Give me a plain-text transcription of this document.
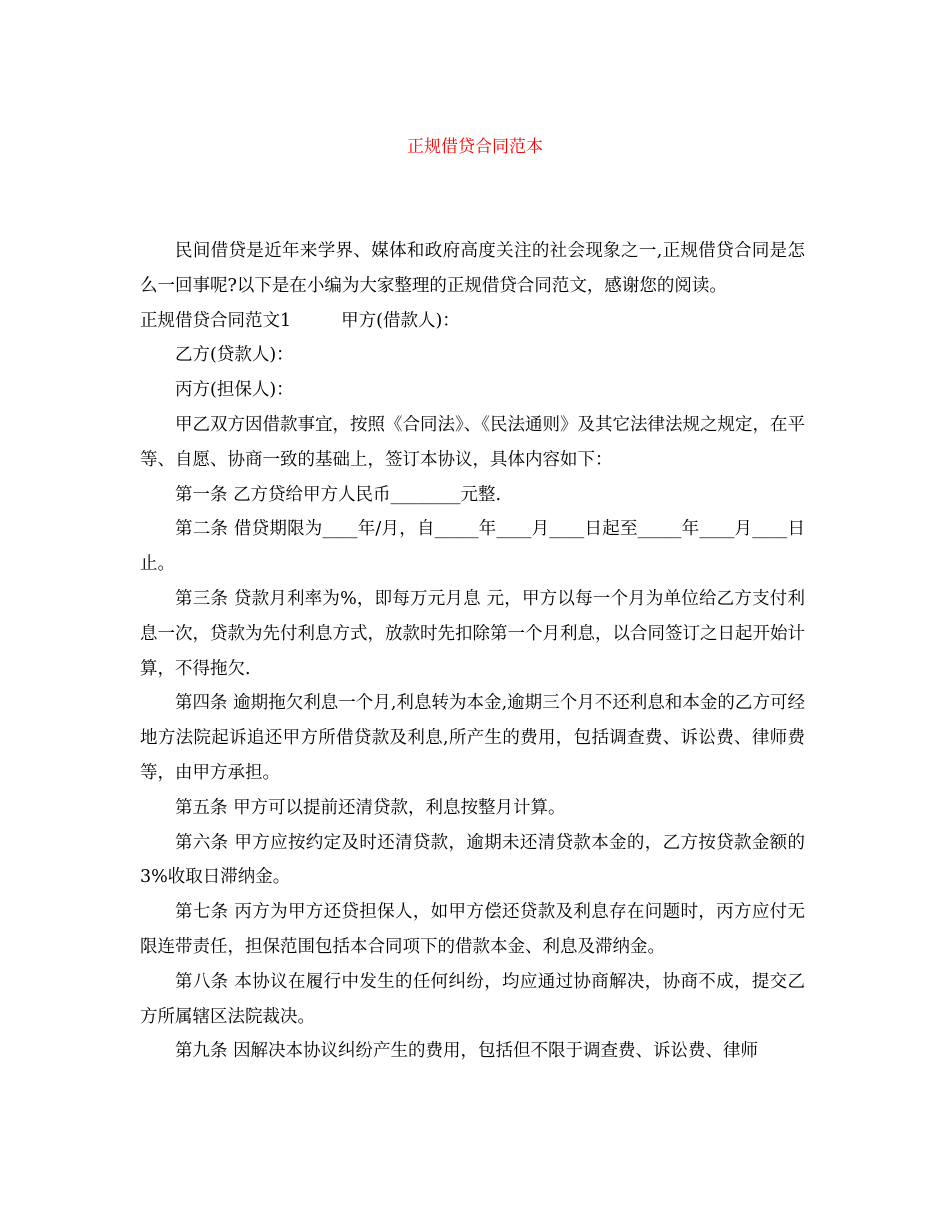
正规借贷合同范本

民间借贷是近年来学界、媒体和政府高度关注的社会现象之一,正规借贷合同是怎么一回事呢?以下是在小编为大家整理的正规借贷合同范文，感谢您的阅读。

正规借贷合同范文1	甲方(借款人)：

乙方(贷款人)：

丙方(担保人)：

甲乙双方因借款事宜，按照《合同法》、《民法通则》及其它法律法规之规定，在平等、自愿、协商一致的基础上，签订本协议，具体内容如下：

第一条 乙方贷给甲方人民币________元整.

第二条 借贷期限为____年/月，自_____年____月____日起至_____年____月____日止。

第三条 贷款月利率为%，即每万元月息 元，甲方以每一个月为单位给乙方支付利息一次，贷款为先付利息方式，放款时先扣除第一个月利息，以合同签订之日起开始计算，不得拖欠.

第四条 逾期拖欠利息一个月,利息转为本金,逾期三个月不还利息和本金的乙方可经地方法院起诉追还甲方所借贷款及利息,所产生的费用，包括调查费、诉讼费、律师费等，由甲方承担。

第五条 甲方可以提前还清贷款，利息按整月计算。

第六条 甲方应按约定及时还清贷款，逾期未还清贷款本金的，乙方按贷款金额的3%收取日滞纳金。

第七条 丙方为甲方还贷担保人，如甲方偿还贷款及利息存在问题时，丙方应付无限连带责任，担保范围包括本合同项下的借款本金、利息及滞纳金。

第八条 本协议在履行中发生的任何纠纷，均应通过协商解决，协商不成，提交乙方所属辖区法院裁决。

第九条 因解决本协议纠纷产生的费用，包括但不限于调查费、诉讼费、律师
